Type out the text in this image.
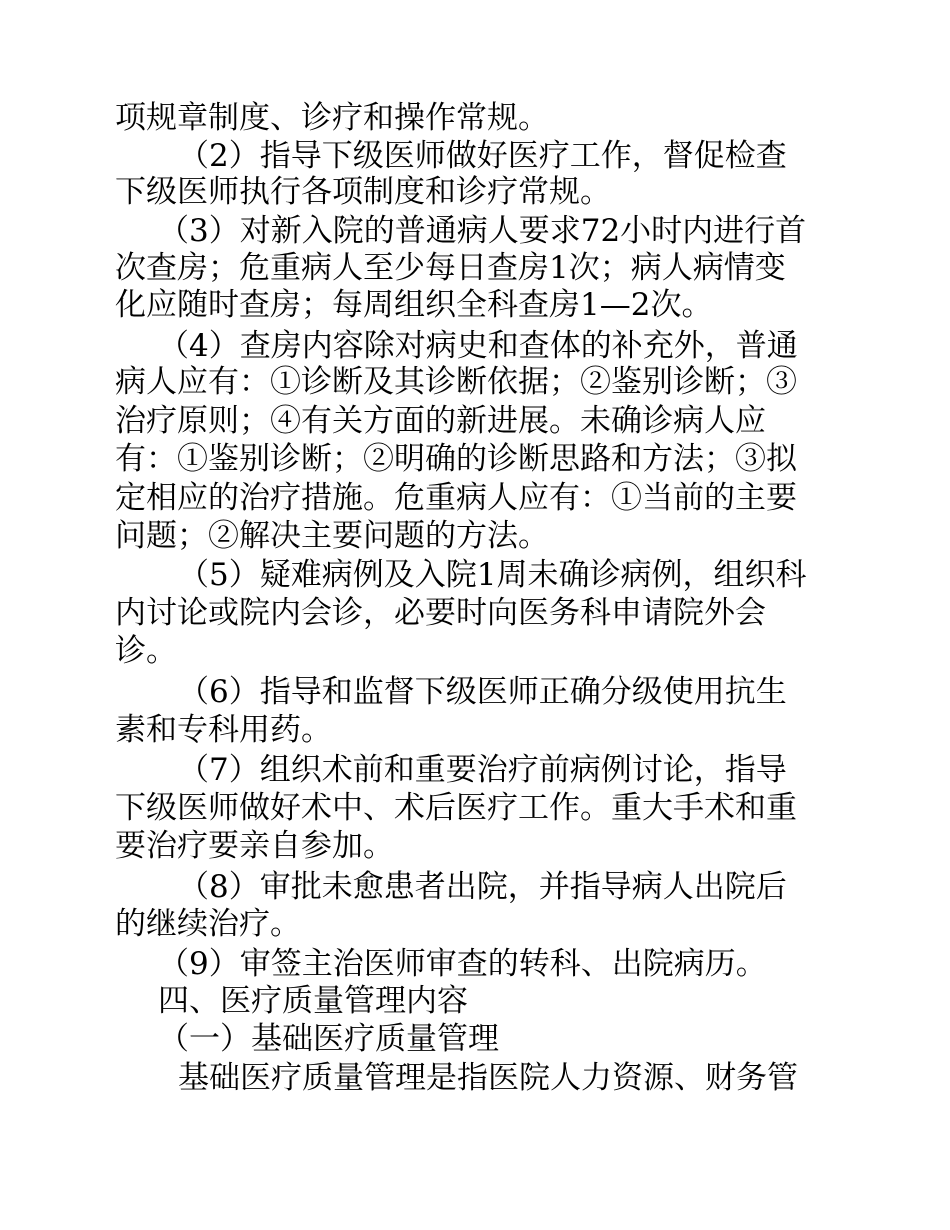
项规章制度、诊疗和操作常规。

（2）指导下级医师做好医疗工作，督促检查

下级医师执行各项制度和诊疗常规。

（3）对新入院的普通病人要求72小时内进行首

次查房；危重病人至少每日查房1次；病人病情变

化应随时查房；每周组织全科查房1—2次。

（4）查房内容除对病史和查体的补充外，普通

病人应有：①诊断及其诊断依据；②鉴别诊断；③

治疗原则；④有关方面的新进展。未确诊病人应

有：①鉴别诊断；②明确的诊断思路和方法；③拟

定相应的治疗措施。危重病人应有：①当前的主要

问题；②解决主要问题的方法。

（5）疑难病例及入院1周未确诊病例，组织科

内讨论或院内会诊，必要时向医务科申请院外会

诊。

（6）指导和监督下级医师正确分级使用抗生

素和专科用药。

（7）组织术前和重要治疗前病例讨论，指导

下级医师做好术中、术后医疗工作。重大手术和重

要治疗要亲自参加。

（8）审批未愈患者出院，并指导病人出院后

的继续治疗。

（9）审签主治医师审查的转科、出院病历。

四、医疗质量管理内容

（一）基础医疗质量管理

基础医疗质量管理是指医院人力资源、财务管
